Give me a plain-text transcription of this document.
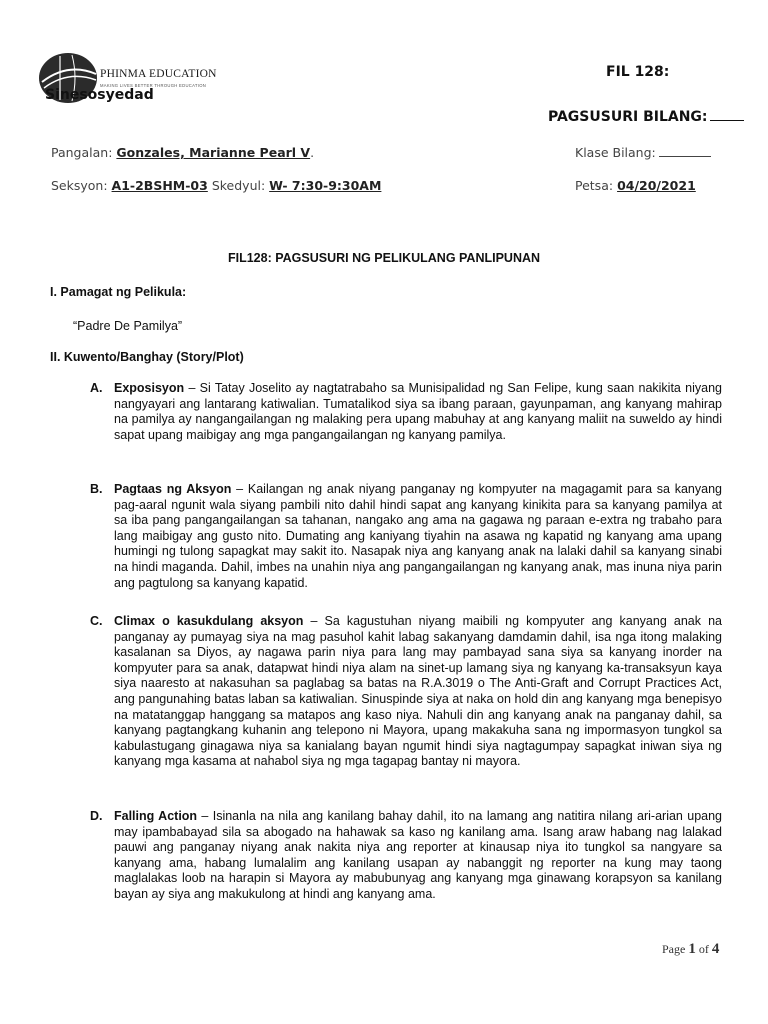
PHINMA EDUCATION
MAKING LIVES BETTER THROUGH EDUCATION
Sinesosyedad
FIL 128:
PAGSUSURI BILANG:
Pangalan: Gonzales, Marianne Pearl V.	Klase Bilang:
Seksyon: A1-2BSHM-03 Skedyul: W- 7:30-9:30AM	Petsa: 04/20/2021
FIL128: PAGSUSURI NG PELIKULANG PANLIPUNAN
I. Pamagat ng Pelikula:
“Padre De Pamilya”
II. Kuwento/Banghay (Story/Plot)
A. Exposisyon – Si Tatay Joselito ay nagtatrabaho sa Munisipalidad ng San Felipe, kung saan nakikita niyang nangyayari ang lantarang katiwalian. Tumatalikod siya sa ibang paraan, gayunpaman, ang kanyang mahirap na pamilya ay nangangailangan ng malaking pera upang mabuhay at ang kanyang maliit na suweldo ay hindi sapat upang maibigay ang mga pangangailangan ng kanyang pamilya.
B. Pagtaas ng Aksyon – Kailangan ng anak niyang panganay ng kompyuter na magagamit para sa kanyang pag-aaral ngunit wala siyang pambili nito dahil hindi sapat ang kanyang kinikita para sa kanyang pamilya at sa iba pang pangangailangan sa tahanan, nangako ang ama na gagawa ng paraan e-extra ng trabaho para lang maibigay ang gusto nito. Dumating ang kaniyang tiyahin na asawa ng kapatid ng kanyang ama upang humingi ng tulong sapagkat may sakit ito. Nasapak niya ang kanyang anak na lalaki dahil sa kanyang sinabi na hindi maganda. Dahil, imbes na unahin niya ang pangangailangan ng kanyang anak, mas inuna niya parin ang pagtulong sa kanyang kapatid.
C. Climax o kasukdulang aksyon – Sa kagustuhan niyang maibili ng kompyuter ang kanyang anak na panganay ay pumayag siya na mag pasuhol kahit labag sakanyang damdamin dahil, isa nga itong malaking kasalanan sa Diyos, ay nagawa parin niya para lang may pambayad sana siya sa kanyang inorder na kompyuter para sa anak, datapwat hindi niya alam na sinet-up lamang siya ng kanyang ka-transaksyun kaya siya naaresto at nakasuhan sa paglabag sa batas na R.A.3019 o The Anti-Graft and Corrupt Practices Act, ang pangunahing batas laban sa katiwalian. Sinuspinde siya at naka on hold din ang kanyang mga benepisyo na matatanggap hanggang sa matapos ang kaso niya. Nahuli din ang kanyang anak na panganay dahil, sa kanyang pagtangkang kuhanin ang telepono ni Mayora, upang makakuha sana ng impormasyon tungkol sa kabulastugang ginagawa niya sa kanialang bayan ngumit hindi siya nagtagumpay sapagkat iniwan siya ng kanyang mga kasama at nahabol siya ng mga tagapag bantay ni mayora.
D. Falling Action – Isinanla na nila ang kanilang bahay dahil, ito na lamang ang natitira nilang ari-arian upang may ipambabayad sila sa abogado na hahawak sa kaso ng kanilang ama. Isang araw habang nag lalakad pauwi ang panganay niyang anak nakita niya ang reporter at kinausap niya ito tungkol sa nangyare sa kanyang ama, habang lumalalim ang kanilang usapan ay nabanggit ng reporter na kung may taong maglalakas loob na harapin si Mayora ay mabubunyag ang kanyang mga ginawang korapsyon sa kanilang bayan ay siya ang makukulong at hindi ang kanyang ama.
Page 1 of 4
